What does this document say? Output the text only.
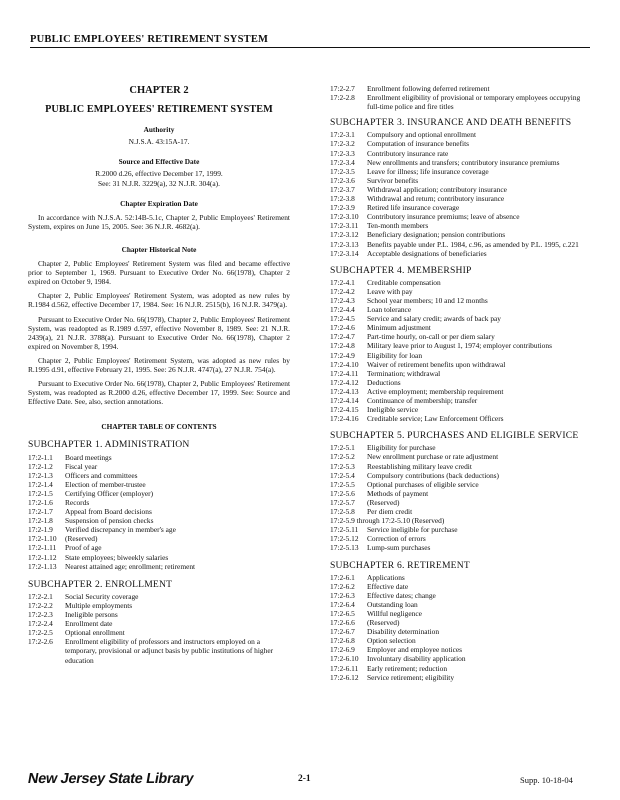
PUBLIC EMPLOYEES' RETIREMENT SYSTEM
CHAPTER 2
PUBLIC EMPLOYEES' RETIREMENT SYSTEM
Authority
N.J.S.A. 43:15A-17.
Source and Effective Date
R.2000 d.26, effective December 17, 1999.
See: 31 N.J.R. 3229(a), 32 N.J.R. 304(a).
Chapter Expiration Date
In accordance with N.J.S.A. 52:14B-5.1c, Chapter 2, Public Employees' Retirement System, expires on June 15, 2005. See: 36 N.J.R. 4682(a).
Chapter Historical Note
Chapter 2, Public Employees' Retirement System was filed and became effective prior to September 1, 1969. Pursuant to Executive Order No. 66(1978), Chapter 2 expired on October 9, 1984.
Chapter 2, Public Employees' Retirement System, was adopted as new rules by R.1984 d.562, effective December 17, 1984. See: 16 N.J.R. 2515(b), 16 N.J.R. 3479(a).
Pursuant to Executive Order No. 66(1978), Chapter 2, Public Employees' Retirement System, was readopted as R.1989 d.597, effective November 8, 1989. See: 21 N.J.R. 2439(a), 21 N.J.R. 3788(a). Pursuant to Executive Order No. 66(1978), Chapter 2 expired on November 8, 1994.
Chapter 2, Public Employees' Retirement System, was adopted as new rules by R.1995 d.91, effective February 21, 1995. See: 26 N.J.R. 4747(a), 27 N.J.R. 754(a).
Pursuant to Executive Order No. 66(1978), Chapter 2, Public Employees' Retirement System, was readopted as R.2000 d.26, effective December 17, 1999. See: Source and Effective Date. See, also, section annotations.
CHAPTER TABLE OF CONTENTS
SUBCHAPTER 1. ADMINISTRATION
17:2-1.1	Board meetings
17:2-1.2	Fiscal year
17:2-1.3	Officers and committees
17:2-1.4	Election of member-trustee
17:2-1.5	Certifying Officer (employer)
17:2-1.6	Records
17:2-1.7	Appeal from Board decisions
17:2-1.8	Suspension of pension checks
17:2-1.9	Verified discrepancy in member's age
17:2-1.10	(Reserved)
17:2-1.11	Proof of age
17:2-1.12	State employees; biweekly salaries
17:2-1.13	Nearest attained age; enrollment; retirement
SUBCHAPTER 2. ENROLLMENT
17:2-2.1	Social Security coverage
17:2-2.2	Multiple employments
17:2-2.3	Ineligible persons
17:2-2.4	Enrollment date
17:2-2.5	Optional enrollment
17:2-2.6	Enrollment eligibility of professors and instructors employed on a temporary, provisional or adjunct basis by public institutions of higher education
17:2-2.7	Enrollment following deferred retirement
17:2-2.8	Enrollment eligibility of provisional or temporary employees occupying full-time police and fire titles
SUBCHAPTER 3. INSURANCE AND DEATH BENEFITS
17:2-3.1	Compulsory and optional enrollment
17:2-3.2	Computation of insurance benefits
17:2-3.3	Contributory insurance rate
17:2-3.4	New enrollments and transfers; contributory insurance premiums
17:2-3.5	Leave for illness; life insurance coverage
17:2-3.6	Survivor benefits
17:2-3.7	Withdrawal application; contributory insurance
17:2-3.8	Withdrawal and return; contributory insurance
17:2-3.9	Retired life insurance coverage
17:2-3.10	Contributory insurance premiums; leave of absence
17:2-3.11	Ten-month members
17:2-3.12	Beneficiary designation; pension contributions
17:2-3.13	Benefits payable under P.L. 1984, c.96, as amended by P.L. 1995, c.221
17:2-3.14	Acceptable designations of beneficiaries
SUBCHAPTER 4. MEMBERSHIP
17:2-4.1	Creditable compensation
17:2-4.2	Leave with pay
17:2-4.3	School year members; 10 and 12 months
17:2-4.4	Loan tolerance
17:2-4.5	Service and salary credit; awards of back pay
17:2-4.6	Minimum adjustment
17:2-4.7	Part-time hourly, on-call or per diem salary
17:2-4.8	Military leave prior to August 1, 1974; employer contributions
17:2-4.9	Eligibility for loan
17:2-4.10	Waiver of retirement benefits upon withdrawal
17:2-4.11	Termination; withdrawal
17:2-4.12	Deductions
17:2-4.13	Active employment; membership requirement
17:2-4.14	Continuance of membership; transfer
17:2-4.15	Ineligible service
17:2-4.16	Creditable service; Law Enforcement Officers
SUBCHAPTER 5. PURCHASES AND ELIGIBLE SERVICE
17:2-5.1	Eligibility for purchase
17:2-5.2	New enrollment purchase or rate adjustment
17:2-5.3	Reestablishing military leave credit
17:2-5.4	Compulsory contributions (back deductions)
17:2-5.5	Optional purchases of eligible service
17:2-5.6	Methods of payment
17:2-5.7	(Reserved)
17:2-5.8	Per diem credit
17:2-5.9 through 17:2-5.10 (Reserved)
17:2-5.11	Service ineligible for purchase
17:2-5.12	Correction of errors
17:2-5.13	Lump-sum purchases
SUBCHAPTER 6. RETIREMENT
17:2-6.1	Applications
17:2-6.2	Effective date
17:2-6.3	Effective dates; change
17:2-6.4	Outstanding loan
17:2-6.5	Willful negligence
17:2-6.6	(Reserved)
17:2-6.7	Disability determination
17:2-6.8	Option selection
17:2-6.9	Employer and employee notices
17:2-6.10	Involuntary disability application
17:2-6.11	Early retirement; reduction
17:2-6.12	Service retirement; eligibility
New Jersey State Library	2-1	Supp. 10-18-04
